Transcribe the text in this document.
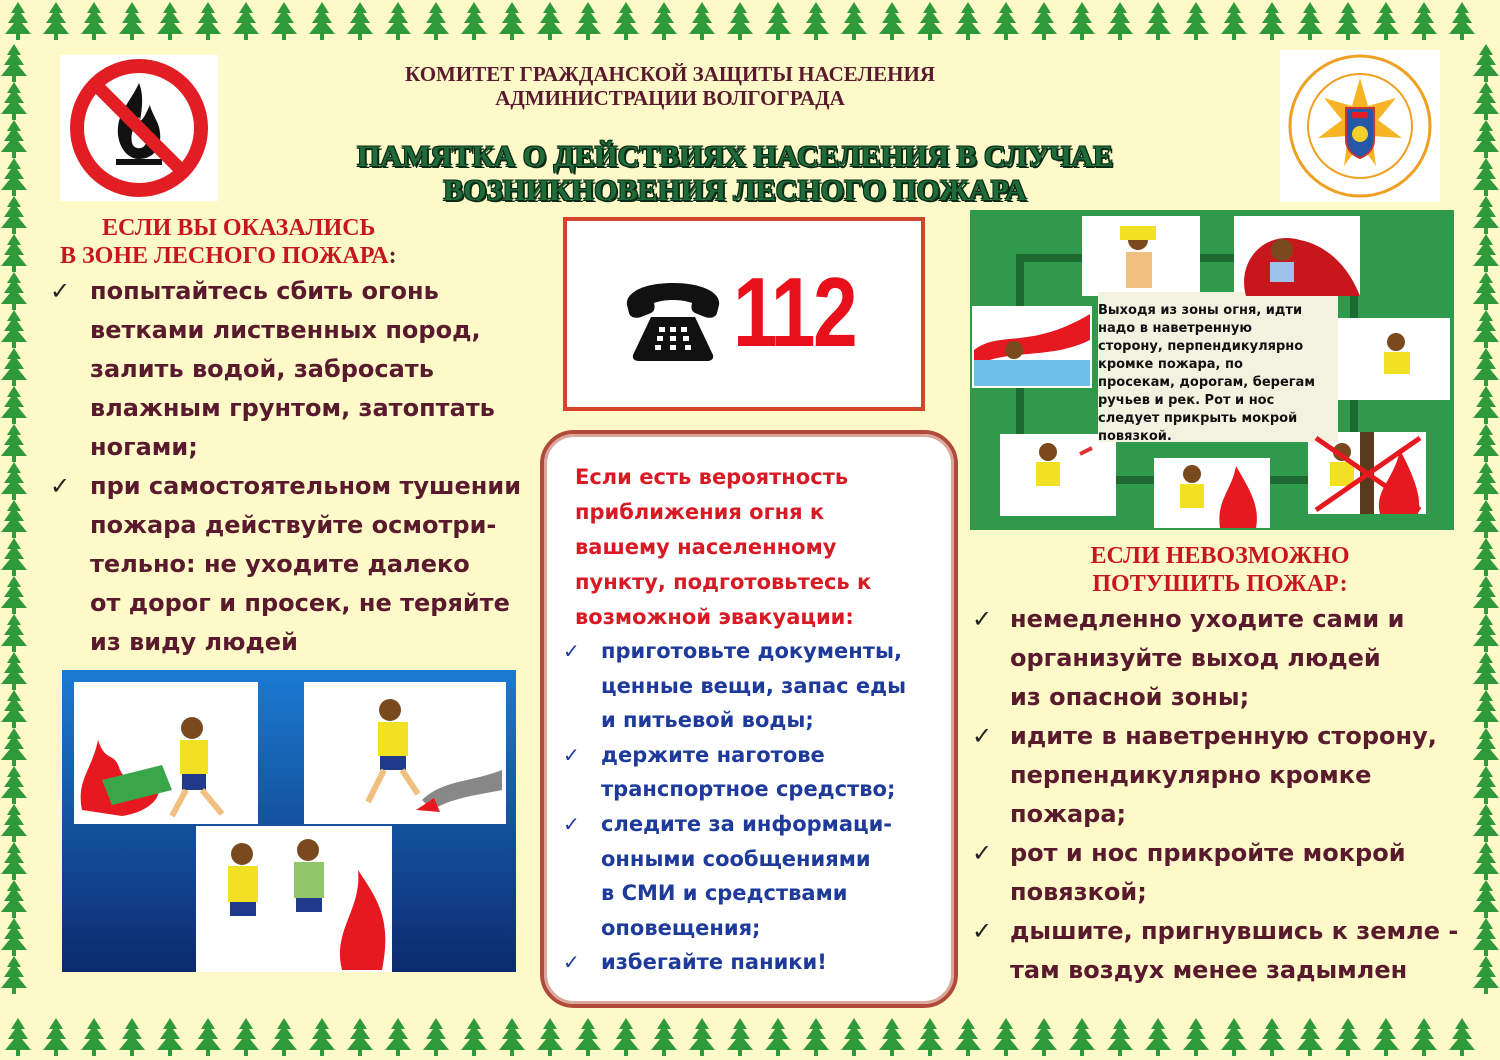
КОМИТЕТ ГРАЖДАНСКОЙ ЗАЩИТЫ НАСЕЛЕНИЯ
АДМИНИСТРАЦИИ ВОЛГОГРАДА
ПАМЯТКА О ДЕЙСТВИЯХ НАСЕЛЕНИЯ В СЛУЧАЕ
ВОЗНИКНОВЕНИЯ ЛЕСНОГО ПОЖАРА
ЕСЛИ ВЫ ОКАЗАЛИСЬ
В ЗОНЕ ЛЕСНОГО ПОЖАРА:
✓ попытайтесь сбить огонь
ветками лиственных пород,
залить водой, забросать
влажным грунтом, затоптать
ногами;
✓ при самостоятельном тушении
пожара действуйте осмотри-
тельно: не уходите далеко
от дорог и просек, не теряйте
из виду людей
112
Если есть вероятность
приближения огня к
вашему населенному
пункту, подготовьтесь к
возможной эвакуации:
✓ приготовьте документы,
ценные вещи, запас еды
и питьевой воды;
✓ держите наготове
транспортное средство;
✓ следите за информаци-
онными сообщениями
в СМИ и средствами
оповещения;
✓ избегайте паники!
Выходя из зоны огня, идти
надо в наветренную
сторону, перпендикулярно
кромке пожара, по
просекам, дорогам, берегам
ручьев и рек. Рот и нос
следует прикрыть мокрой
повязкой.
ЕСЛИ НЕВОЗМОЖНО
ПОТУШИТЬ ПОЖАР:
✓ немедленно уходите сами и
организуйте выход людей
из опасной зоны;
✓ идите в наветренную сторону,
перпендикулярно кромке
пожара;
✓ рот и нос прикройте мокрой
повязкой;
✓ дышите, пригнувшись к земле -
там воздух менее задымлен
